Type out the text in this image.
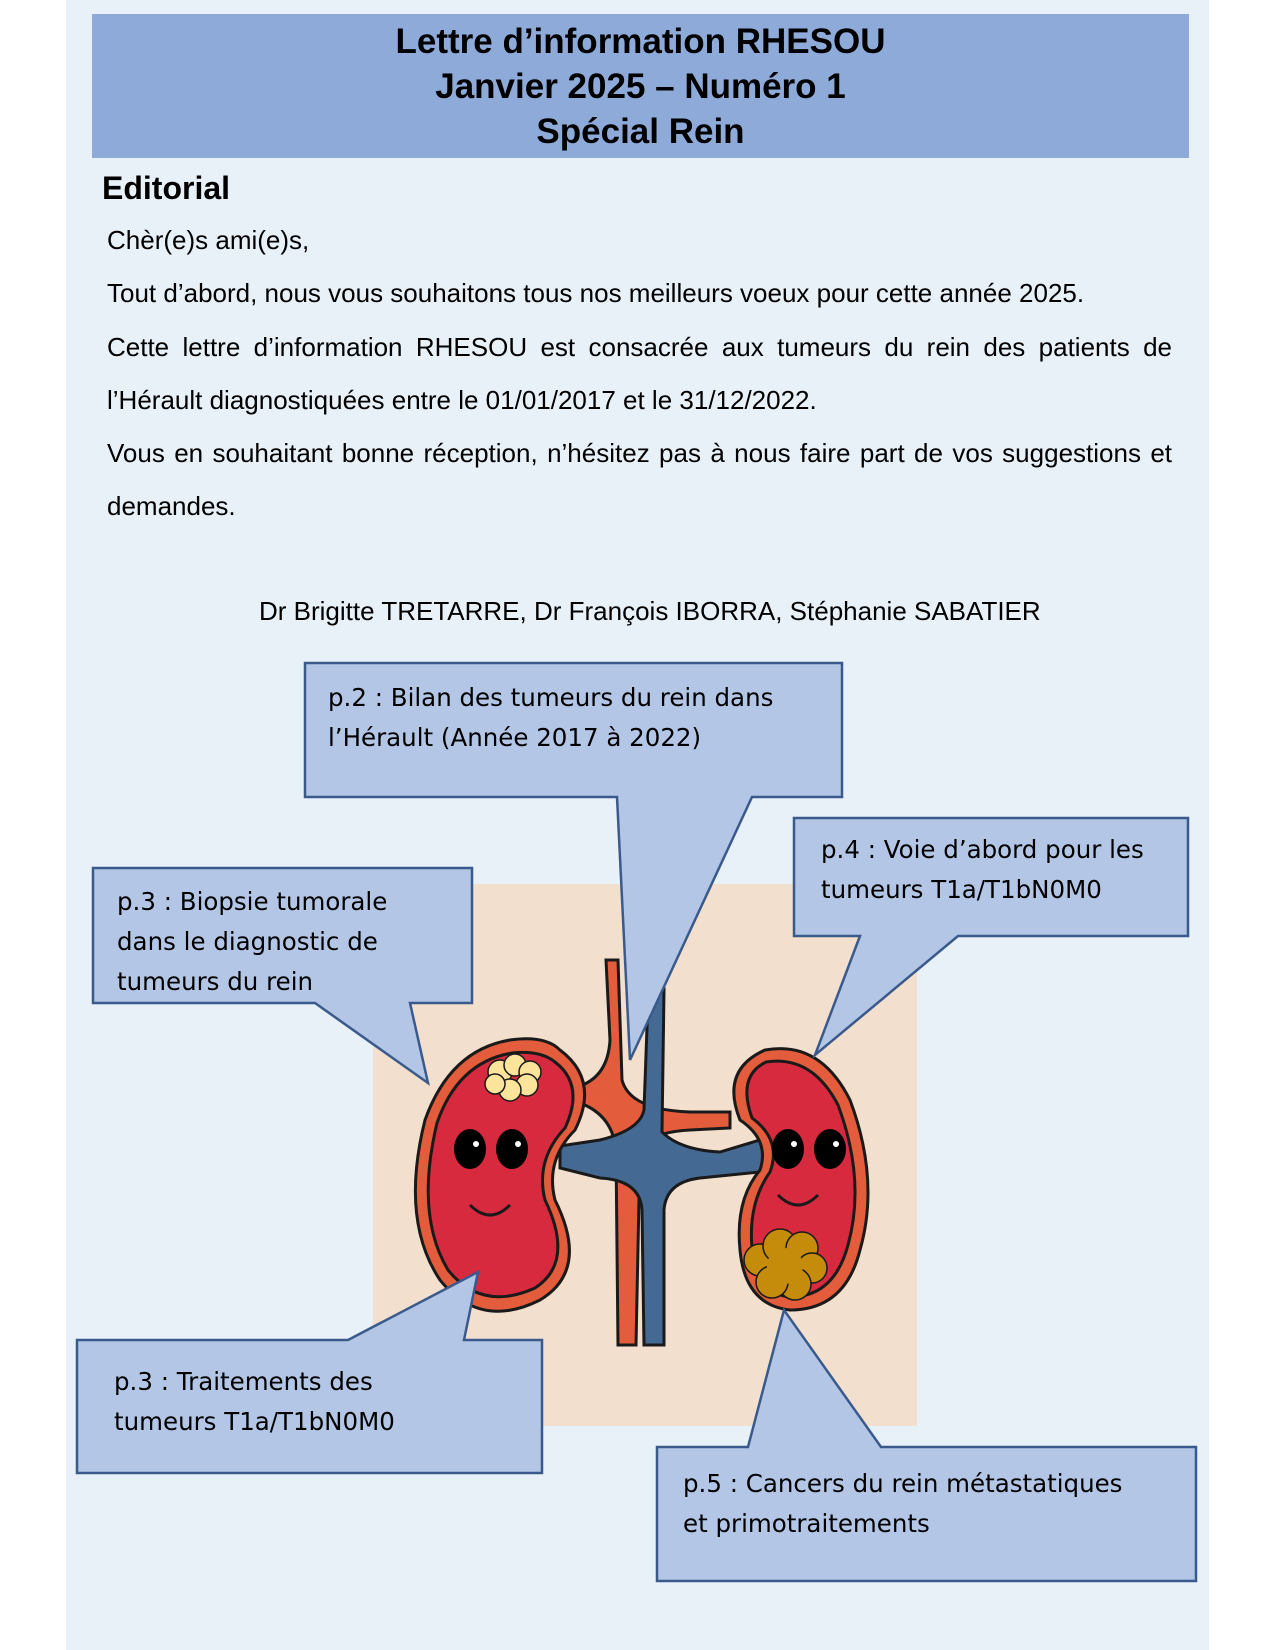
Lettre d’information RHESOU
Janvier 2025 – Numéro 1
Spécial Rein
Editorial

Chèr(e)s ami(e)s,

Tout d’abord, nous vous souhaitons tous nos meilleurs voeux pour cette année 2025.

Cette lettre d’information RHESOU est consacrée aux tumeurs du rein des patients de l’Hérault diagnostiquées entre le 01/01/2017 et le 31/12/2022.

Vous en souhaitant bonne réception, n’hésitez pas à nous faire part de vos suggestions et demandes.

Dr Brigitte TRETARRE, Dr François IBORRA, Stéphanie SABATIER
p.2 : Bilan des tumeurs du rein dans
l’Hérault (Année 2017 à 2022)
p.3 : Biopsie tumorale
dans le diagnostic de
tumeurs du rein
p.4 : Voie d’abord pour les
tumeurs T1a/T1bN0M0
p.3 : Traitements des
tumeurs T1a/T1bN0M0
p.5 : Cancers du rein métastatiques
et primotraitements
